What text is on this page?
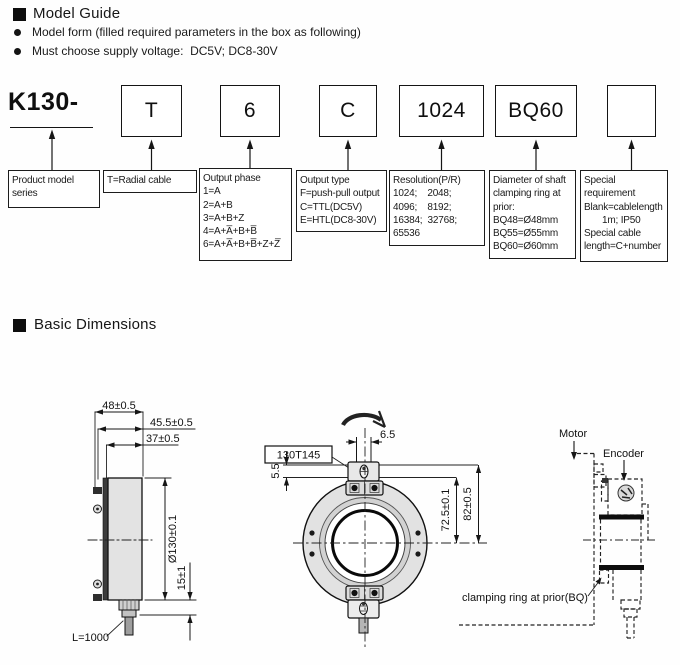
Model Guide
Model form (filled required parameters in the box as following)
Must choose supply voltage:  DC5V; DC8-30V
K130-	T	6	C	1024	BQ60
Product model
series
T=Radial cable	Output phase
1=A
2=A+B
3=A+B+Z
4=A+A̅+B+B̅
6=A+A̅+B+B̅+Z+Z̅
Output type
F=push-pull output
C=TTL(DC5V)
E=HTL(DC8-30V)
Resolution(P/R)
1024;    2048;
4096;    8192;
16384;  32768;
65536
Diameter of shaft
clamping ring at
prior:
BQ48=Ø48mm
BQ55=Ø55mm
BQ60=Ø60mm
Special
requirement
Blank=cablelength
1m; IP50
Special cable
length=C+number
Basic Dimensions
48±0.5
45.5±0.5
37±0.5
Ø130±0.1
15±1
L=1000
6.5
130T145
5.5
72.5±0.1 82±0.5
Motor
Encoder
clamping ring at prior(BQ)
